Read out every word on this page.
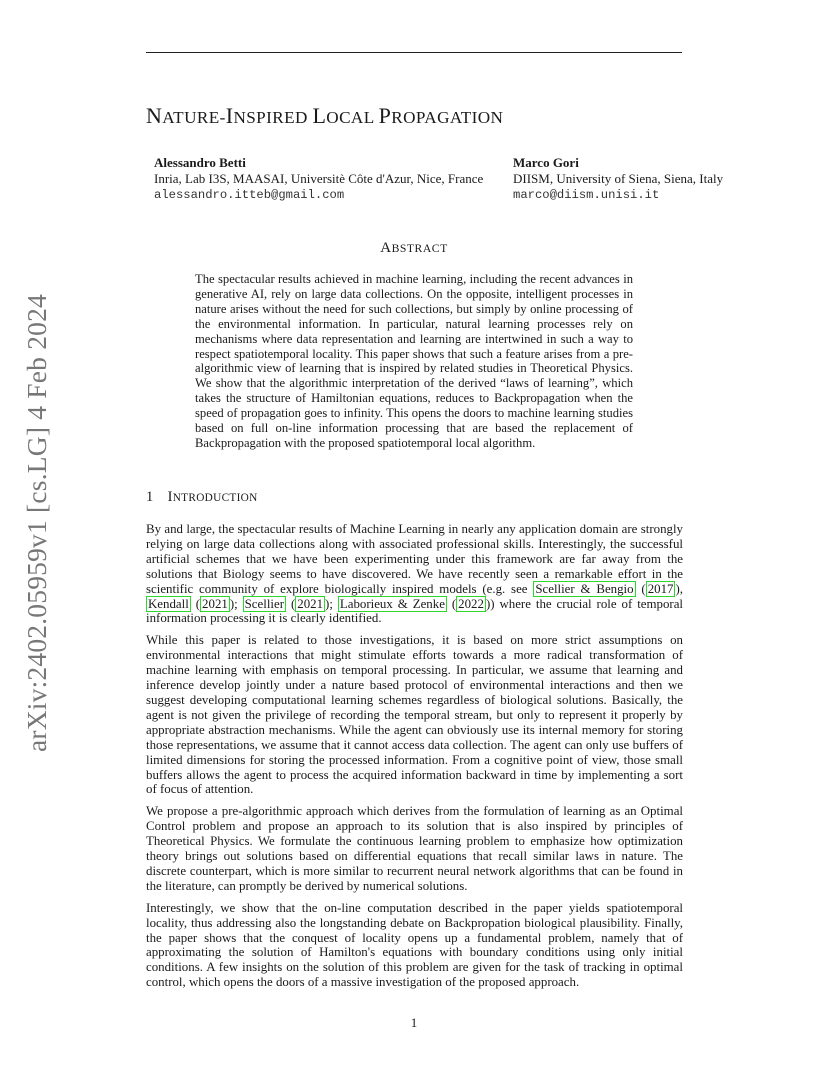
arXiv:2402.05959v1 [cs.LG] 4 Feb 2024
NATURE-INSPIRED LOCAL PROPAGATION
Alessandro Betti
Inria, Lab I3S, MAASAI, Universitè Côte d'Azur, Nice, France
alessandro.itteb@gmail.com
Marco Gori
DIISM, University of Siena, Siena, Italy
marco@diism.unisi.it
ABSTRACT
The spectacular results achieved in machine learning, including the recent advances in generative AI, rely on large data collections. On the opposite, intelligent processes in nature arises without the need for such collections, but simply by online processing of the environmental information. In particular, natural learning processes rely on mechanisms where data representation and learning are intertwined in such a way to respect spatiotemporal locality. This paper shows that such a feature arises from a pre-algorithmic view of learning that is inspired by related studies in Theoretical Physics. We show that the algorithmic interpretation of the derived “laws of learning”, which takes the structure of Hamiltonian equations, reduces to Backpropagation when the speed of propagation goes to infinity. This opens the doors to machine learning studies based on full on-line information processing that are based the replacement of Backpropagation with the proposed spatiotemporal local algorithm.
1 INTRODUCTION

By and large, the spectacular results of Machine Learning in nearly any application domain are strongly relying on large data collections along with associated professional skills. Interestingly, the successful artificial schemes that we have been experimenting under this framework are far away from the solutions that Biology seems to have discovered. We have recently seen a remarkable effort in the scientific community of explore biologically inspired models (e.g. see Scellier & Bengio ( 2017 ), Kendall ( 2021 ); Scellier ( 2021 ); Laborieux & Zenke ( 2022 )) where the crucial role of temporal information processing it is clearly identified.

While this paper is related to those investigations, it is based on more strict assumptions on environmental interactions that might stimulate efforts towards a more radical transformation of machine learning with emphasis on temporal processing. In particular, we assume that learning and inference develop jointly under a nature based protocol of environmental interactions and then we suggest developing computational learning schemes regardless of biological solutions. Basically, the agent is not given the privilege of recording the temporal stream, but only to represent it properly by appropriate abstraction mechanisms. While the agent can obviously use its internal memory for storing those representations, we assume that it cannot access data collection. The agent can only use buffers of limited dimensions for storing the processed information. From a cognitive point of view, those small buffers allows the agent to process the acquired information backward in time by implementing a sort of focus of attention.

We propose a pre-algorithmic approach which derives from the formulation of learning as an Optimal Control problem and propose an approach to its solution that is also inspired by principles of Theoretical Physics. We formulate the continuous learning problem to emphasize how optimization theory brings out solutions based on differential equations that recall similar laws in nature. The discrete counterpart, which is more similar to recurrent neural network algorithms that can be found in the literature, can promptly be derived by numerical solutions.

Interestingly, we show that the on-line computation described in the paper yields spatiotemporal locality, thus addressing also the longstanding debate on Backpropation biological plausibility. Finally, the paper shows that the conquest of locality opens up a fundamental problem, namely that of approximating the solution of Hamilton's equations with boundary conditions using only initial conditions. A few insights on the solution of this problem are given for the task of tracking in optimal control, which opens the doors of a massive investigation of the proposed approach.

1
